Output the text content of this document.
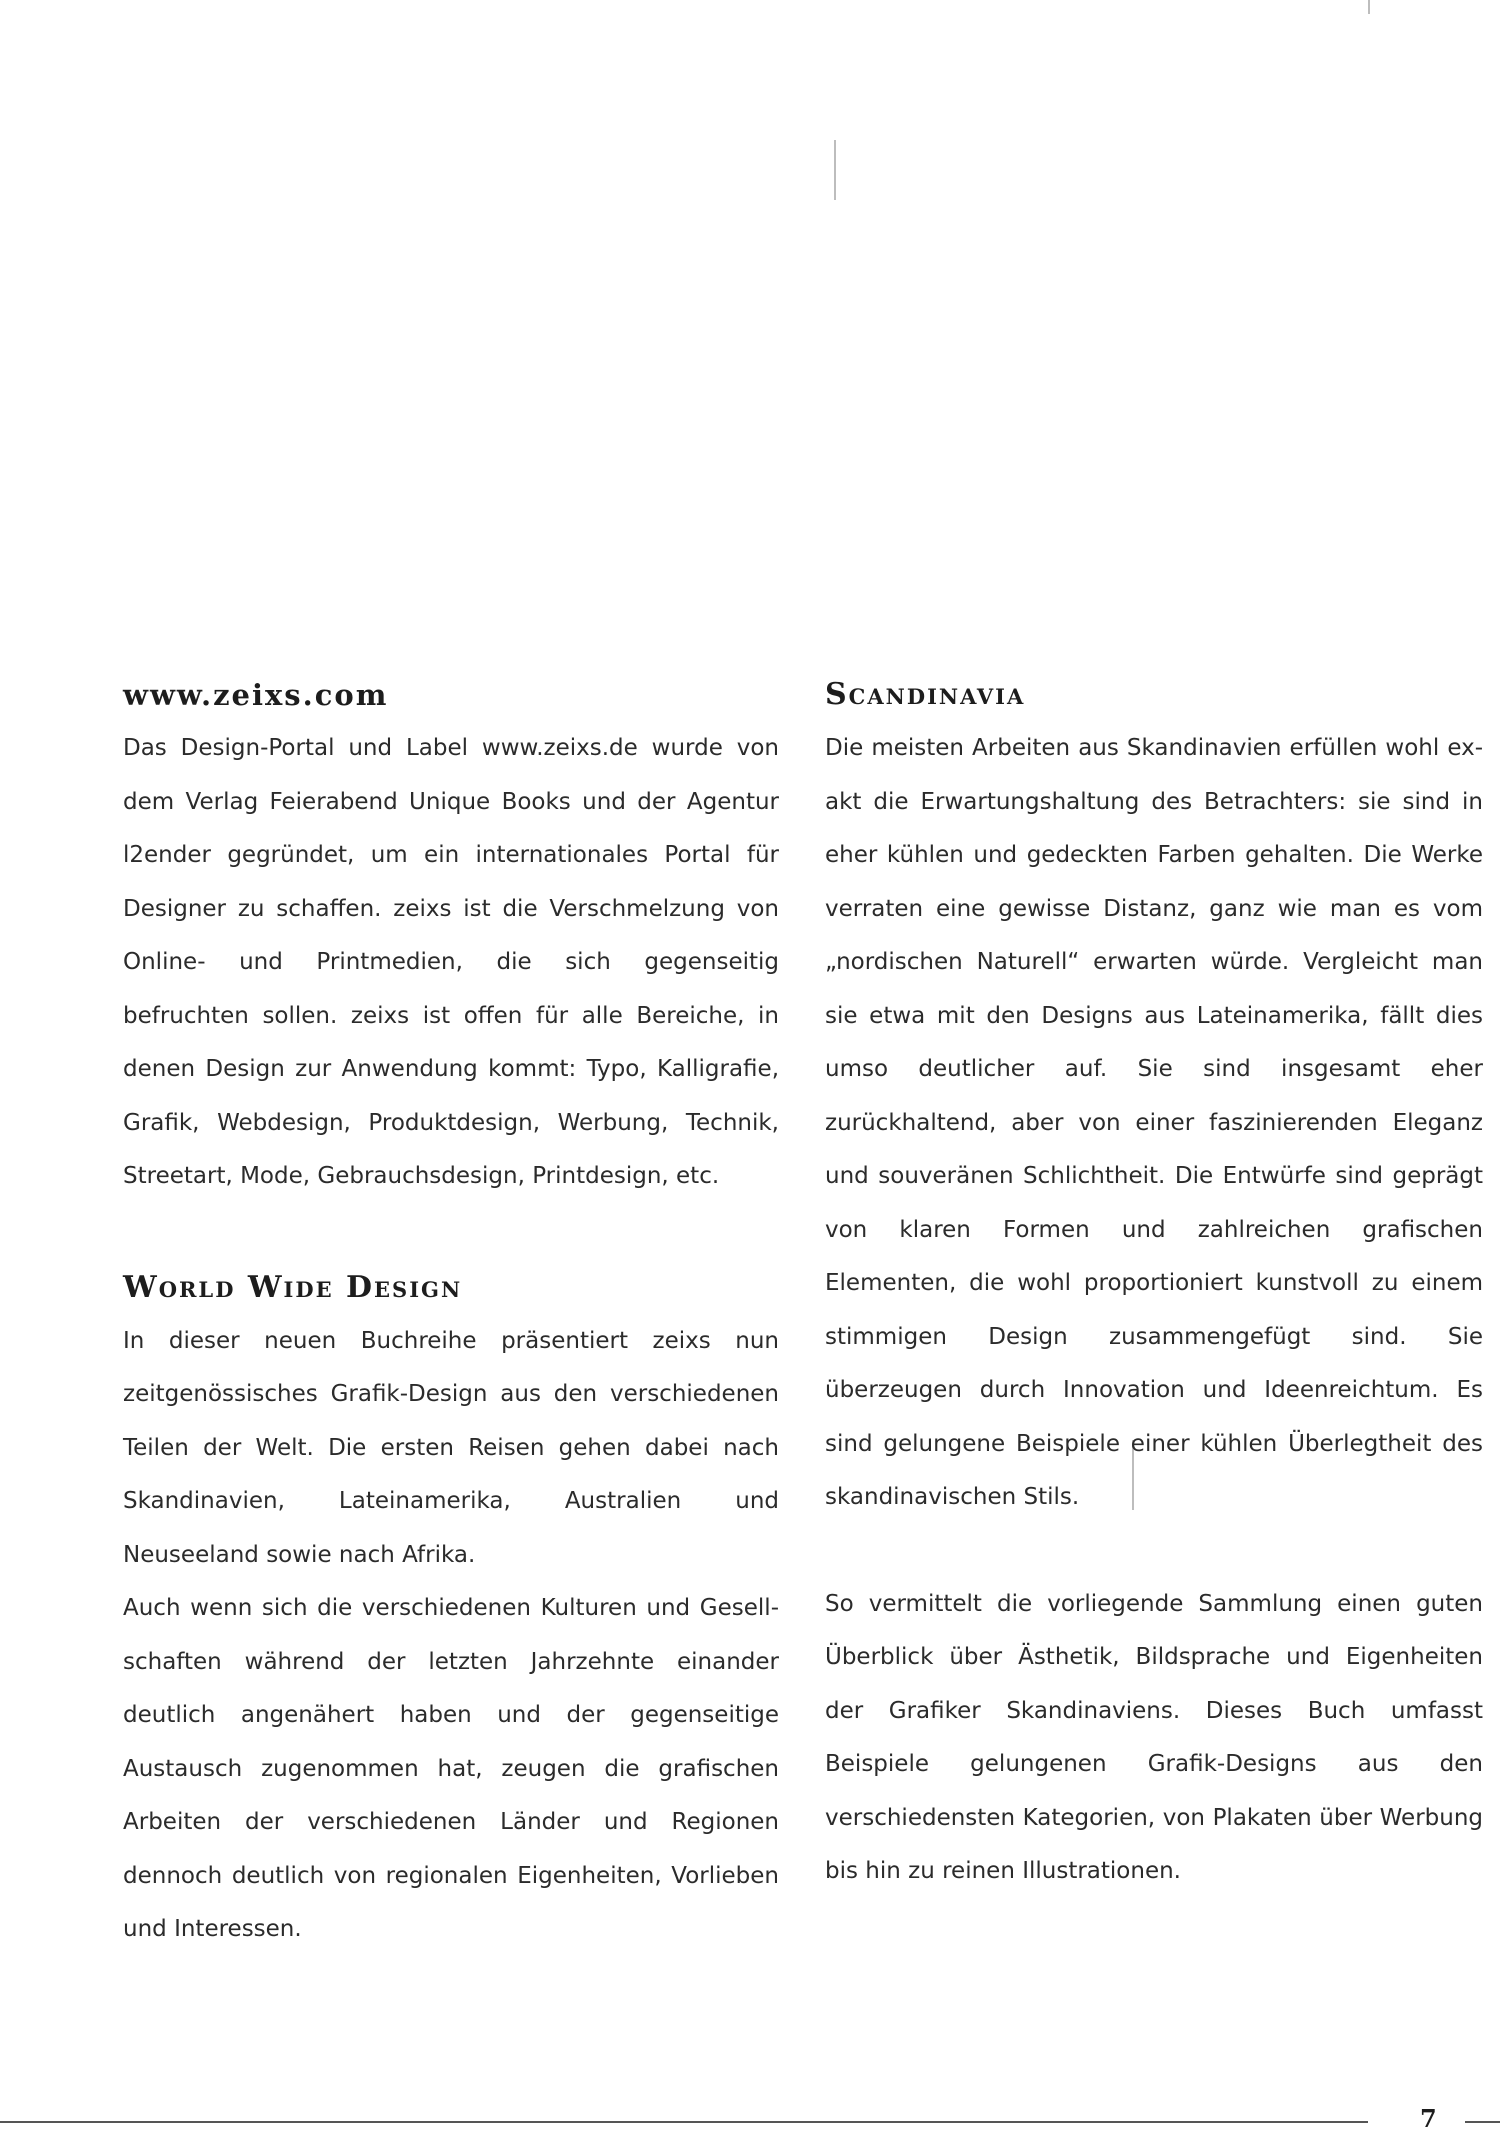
www.zeixs.com

Das Design-Portal und Label www.zeixs.de wurde von dem Verlag Feierabend Unique Books und der Agentur l2ender gegründet, um ein internationales Portal für Designer zu schaffen. zeixs ist die Verschmelzung von Online- und Printmedien, die sich gegenseitig befruchten sollen. zeixs ist offen für alle Bereiche, in denen Design zur Anwendung kommt: Typo, Kalligrafie, Grafik, Webdesign, Produktdesign, Werbung, Technik, Streetart, Mode, Gebrauchsdesign, Printdesign, etc.

World Wide Design

In dieser neuen Buchreihe präsentiert zeixs nun zeitgenössisches Grafik-Design aus den verschiedenen Teilen der Welt. Die ersten Reisen gehen dabei nach Skandinavien, Lateinamerika, Australien und Neuseeland sowie nach Afrika.

Auch wenn sich die verschiedenen Kulturen und Gesellschaften während der letzten Jahrzehnte einander deutlich angenähert haben und der gegenseitige Austausch zugenommen hat, zeugen die grafischen Arbeiten der verschiedenen Länder und Regionen dennoch deutlich von regionalen Eigenheiten, Vorlieben und Interessen.

Scandinavia

Die meisten Arbeiten aus Skandinavien erfüllen wohl exakt die Erwartungshaltung des Betrachters: sie sind in eher kühlen und gedeckten Farben gehalten. Die Werke verraten eine gewisse Distanz, ganz wie man es vom „nordischen Naturell“ erwarten würde. Vergleicht man sie etwa mit den Designs aus Lateinamerika, fällt dies umso deutlicher auf. Sie sind insgesamt eher zurückhaltend, aber von einer faszinierenden Eleganz und souveränen Schlichtheit. Die Entwürfe sind geprägt von klaren Formen und zahlreichen grafischen Elementen, die wohl proportioniert kunstvoll zu einem stimmigen Design zusammengefügt sind. Sie überzeugen durch Innovation und Ideenreichtum. Es sind gelungene Beispiele einer kühlen Überlegtheit des skandinavischen Stils.

So vermittelt die vorliegende Sammlung einen guten Überblick über Ästhetik, Bildsprache und Eigenheiten der Grafiker Skandinaviens. Dieses Buch umfasst Beispiele gelungenen Grafik-Designs aus den verschiedensten Kategorien, von Plakaten über Werbung bis hin zu reinen Illustrationen.

7
